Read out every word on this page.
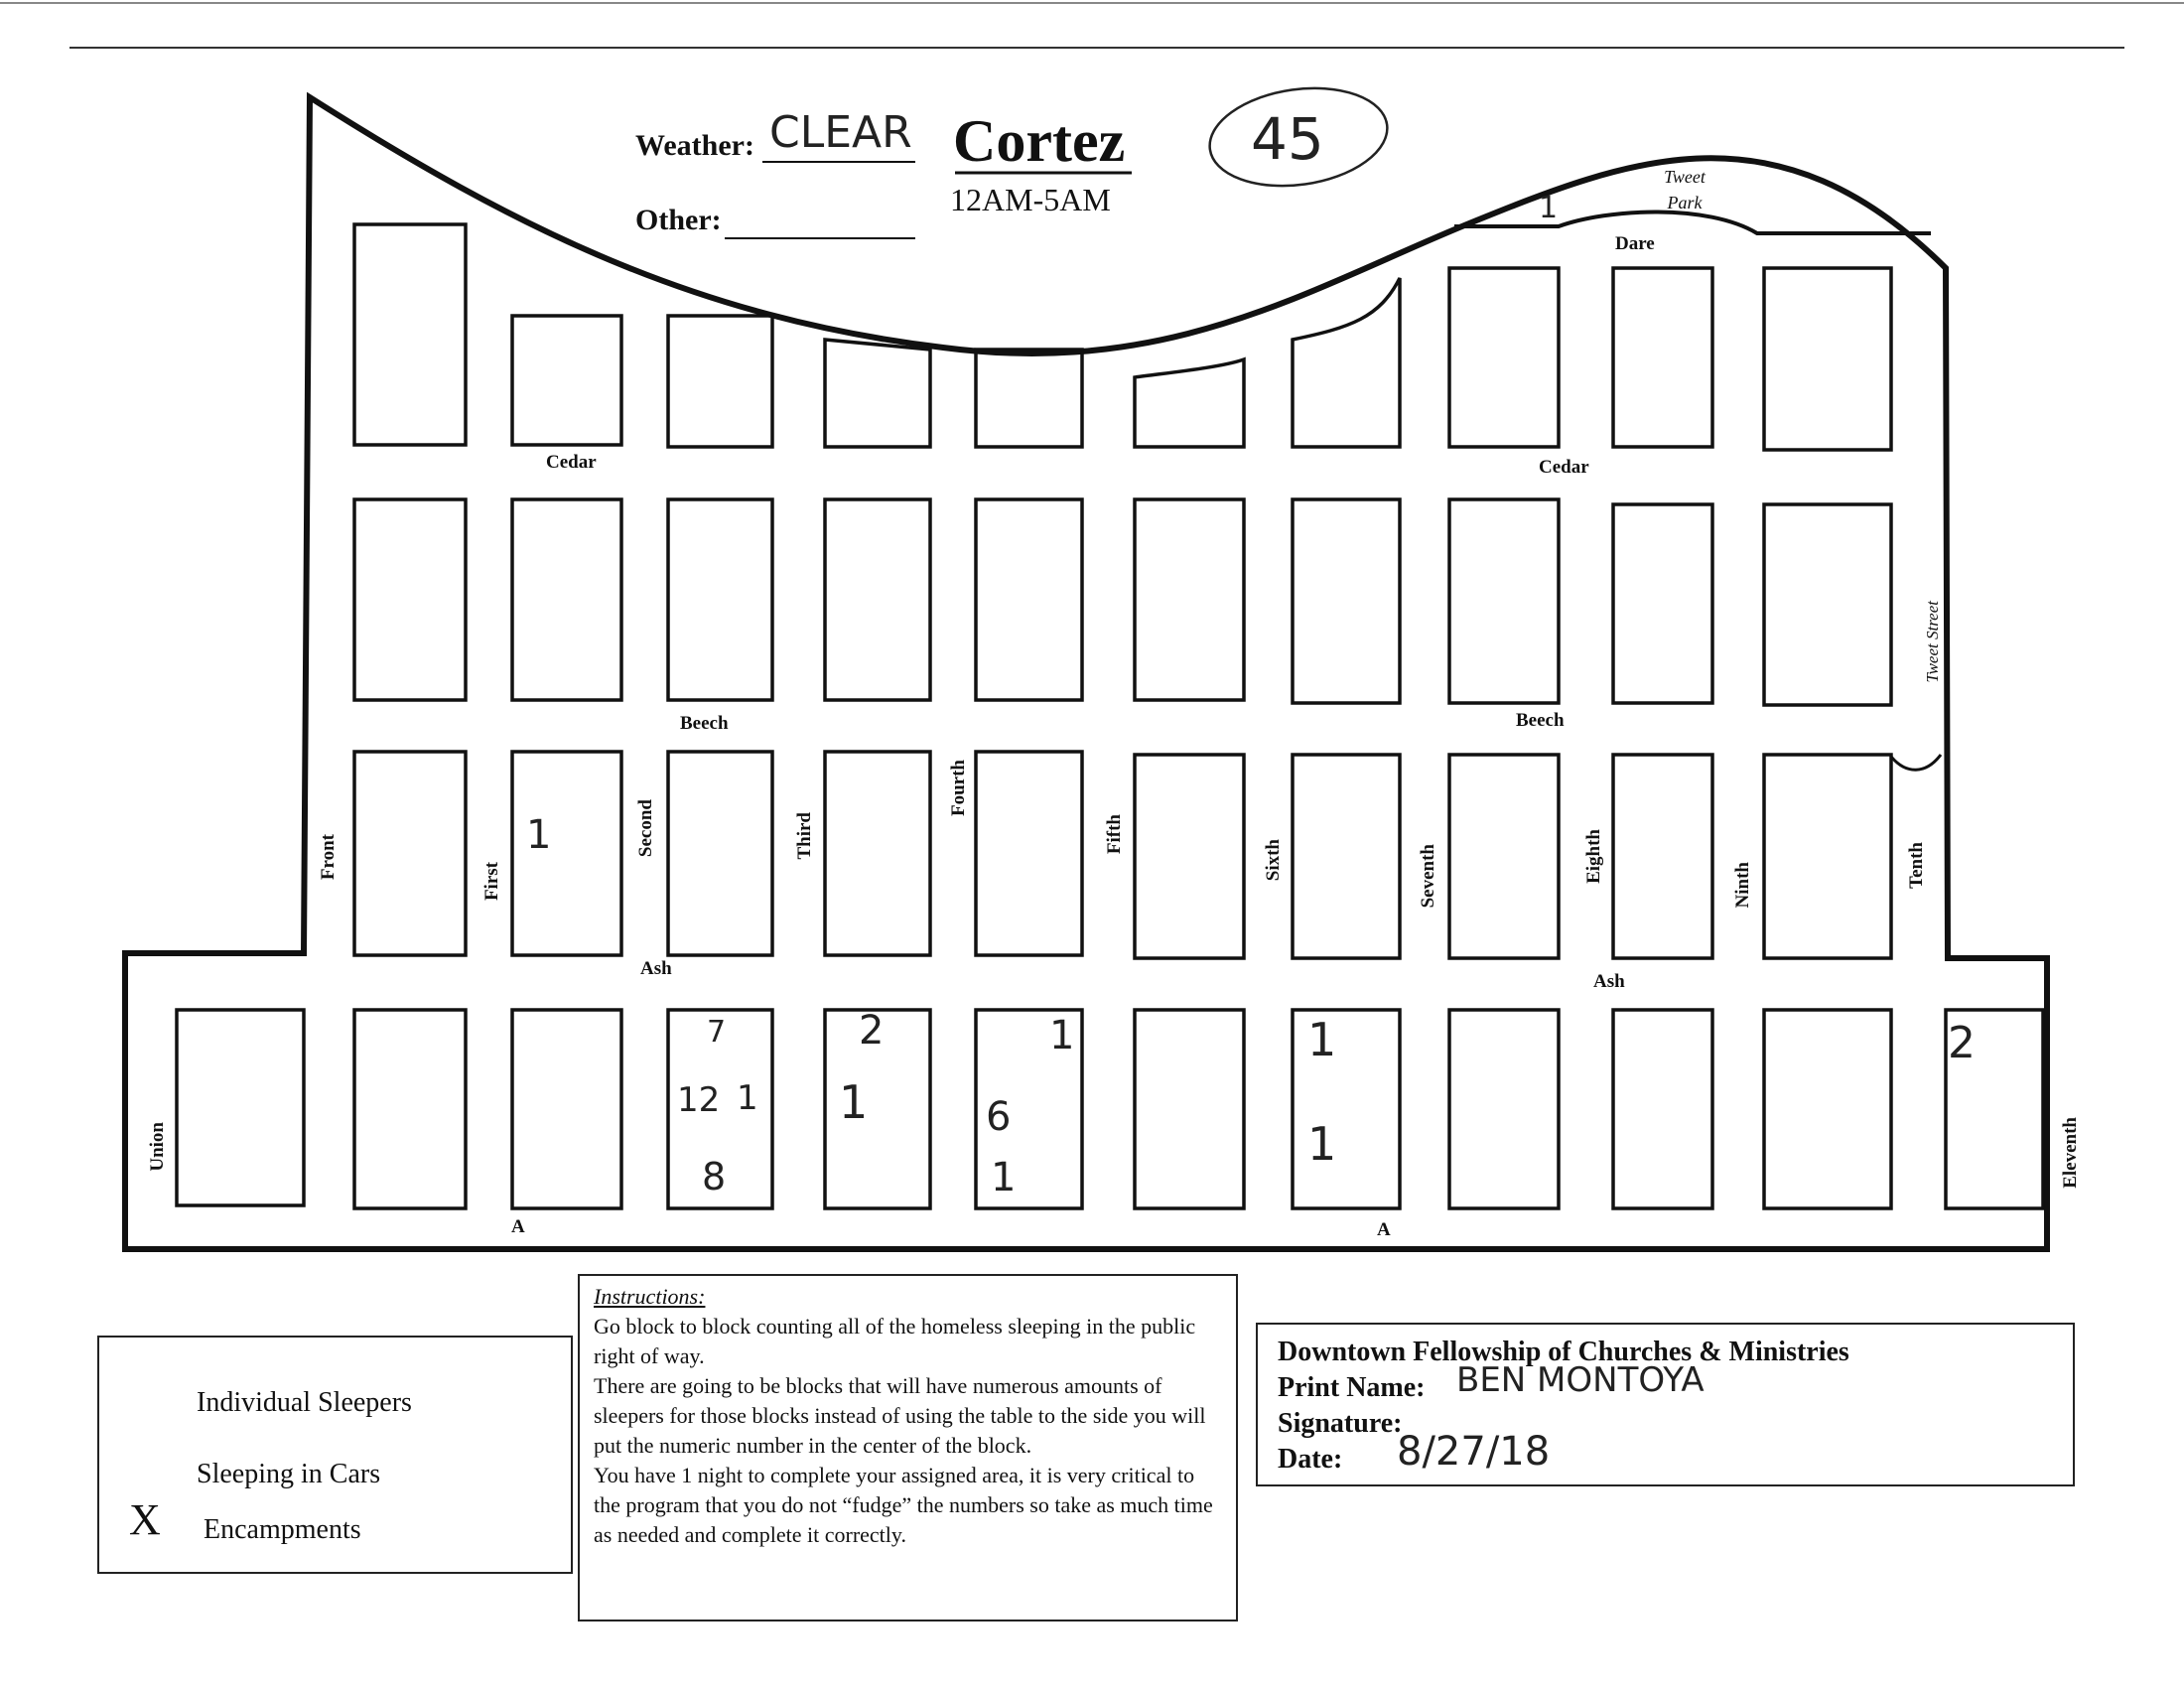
Weather: CLEAR
Other:
Cortez
12AM-5AM
45
Cedar	Cedar
Beech	Beech
Ash
Ash
A	A
Dare
Tweet Park
Union
Front
First
Second	Third
Fourth
Fifth
Sixth	Seventh	Eighth
Ninth	Tenth
Tweet Street
Eleventh
1
1
7
12 1
8
2
1
1
6
1
1
1
2
Individual Sleepers
Sleeping in Cars
X Encampments

Instructions:

Go block to block counting all of the homeless sleeping in the public right of way.

There are going to be blocks that will have numerous amounts of sleepers for those blocks instead of using the table to the side you will put the numeric number in the center of the block.

You have 1 night to complete your assigned area, it is very critical to the program that you do not “fudge” the numbers so take as much time as needed and complete it correctly.

Downtown Fellowship of Churches & Ministries
Print Name: BEN MONTOYA
Signature:
Date: 8/27/18
